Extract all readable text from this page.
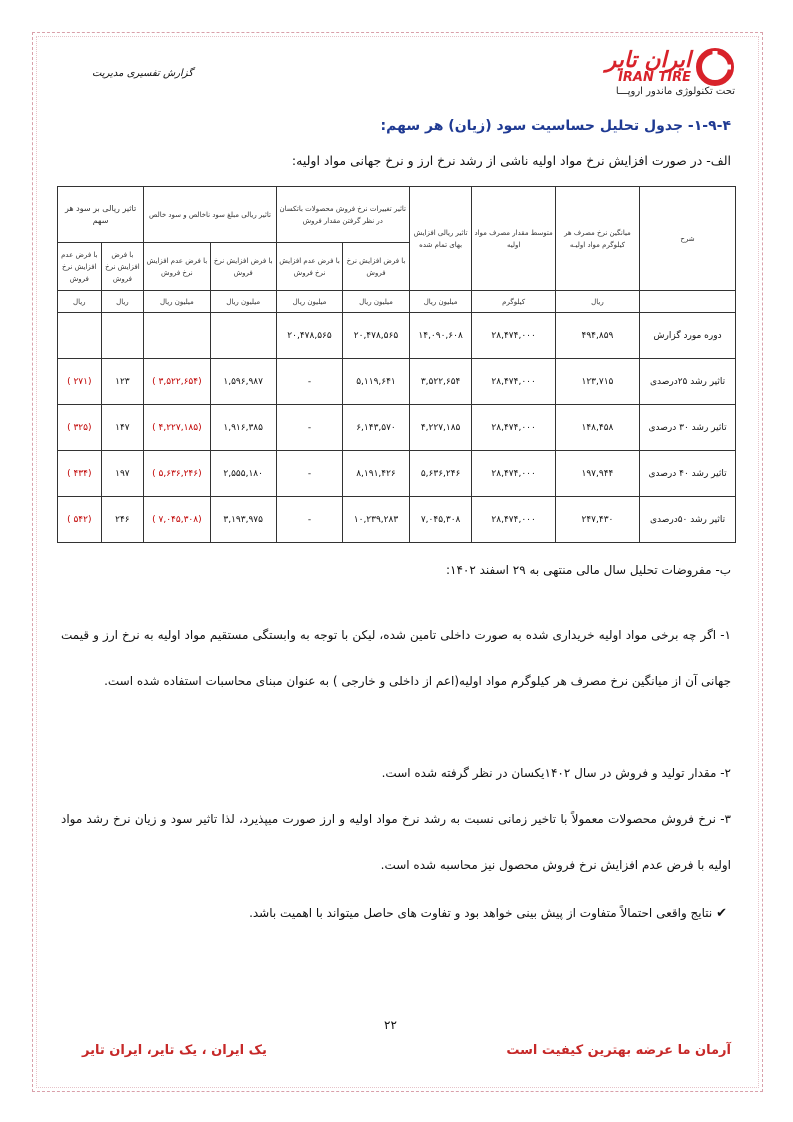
گزارش تفسیری مدیریت
ایران تایر
IRAN TIRE
تحت تکنولوژی ماندور اروپـــا
۱-۹-۴- جدول تحلیل حساسیت سود (زیان) هر سهم:
الف- در صورت افزایش نرخ مواد اولیه ناشی از رشد نرخ ارز و نرخ جهانی مواد اولیه:
شرح	میانگین نرخ مصرف هر کیلوگرم مواد اولیـه	متوسط مقدار مصرف مواد اولیه	تاثیر ریالی افزایش بهای تمام شده	تاثیر تغییرات نرخ فروش محصولات باتکسان در نظر گرفتن مقدار فروش		تاثیر ریالی مبلغ سود ناخالص و سود خالص		تاثیر ریالی بر سود هر سهم	
				با فرض افزایش نرخ فروش	با فرض عدم افزایش نرخ فروش	با فرض افزایش نرخ فروش	با فرض عدم افزایش نرخ فروش	با فرض افزایش نرخ فروش	با فرض عدم افزایش نرخ فروش
	ریال	کیلوگرم	میلیون ریال	میلیون ریال	میلیون ریال	میلیون ریال	میلیون ریال	ریال	ریال
دوره مورد گزارش	۴۹۴,۸۵۹	۲۸,۴۷۴,۰۰۰	۱۴,۰۹۰,۶۰۸	۲۰,۴۷۸,۵۶۵	۲۰,۴۷۸,۵۶۵				
تاثیر رشد ۲۵درصدی	۱۲۳,۷۱۵	۲۸,۴۷۴,۰۰۰	۳,۵۲۲,۶۵۴	۵,۱۱۹,۶۴۱	-	۱,۵۹۶,۹۸۷	(۳,۵۲۲,۶۵۴ )	۱۲۳	(۲۷۱ )
تاثیر رشد ۳۰ درصدی	۱۴۸,۴۵۸	۲۸,۴۷۴,۰۰۰	۴,۲۲۷,۱۸۵	۶,۱۴۳,۵۷۰	-	۱,۹۱۶,۳۸۵	(۴,۲۲۷,۱۸۵ )	۱۴۷	(۳۲۵ )
تاثیر رشد ۴۰ درصدی	۱۹۷,۹۴۴	۲۸,۴۷۴,۰۰۰	۵,۶۳۶,۲۴۶	۸,۱۹۱,۴۲۶	-	۲,۵۵۵,۱۸۰	(۵,۶۳۶,۲۴۶ )	۱۹۷	(۴۳۴ )
تاثیر رشد ۵۰درصدی	۲۴۷,۴۳۰	۲۸,۴۷۴,۰۰۰	۷,۰۴۵,۳۰۸	۱۰,۲۳۹,۲۸۳	-	۳,۱۹۳,۹۷۵	(۷,۰۴۵,۳۰۸ )	۲۴۶	(۵۴۲ )
ب- مفروضات تحلیل سال مالی منتهی به ۲۹ اسفند ۱۴۰۲:
۱- اگر چه برخی مواد اولیه خریداری شده به صورت داخلی تامین شده، لیکن با توجه به وابستگی مستقیم مواد اولیه به نرخ ارز و قیمت جهانی آن از میانگین نرخ مصرف هر کیلوگرم مواد اولیه(اعم از داخلی و خارجی ) به عنوان مبنای محاسبات استفاده شده است.
۲- مقدار تولید و فروش در سال ۱۴۰۲یکسان در نظر گرفته شده است.
۳- نرخ فروش محصولات معمولاً با تاخیر زمانی نسبت به رشد نرخ مواد اولیه و ارز صورت میپذیرد، لذا تاثیر سود و زیان نرخ رشد مواد اولیه با فرض عدم افزایش نرخ فروش محصول نیز محاسبه شده است.
✔ نتایج واقعی احتمالاً متفاوت از پیش بینی خواهد بود و تفاوت های حاصل میتواند با اهمیت باشد.
۲۲
آرمان ما عرضه بهترین کیفیت است
یک ایران ، یک تایر، ایران تایر
